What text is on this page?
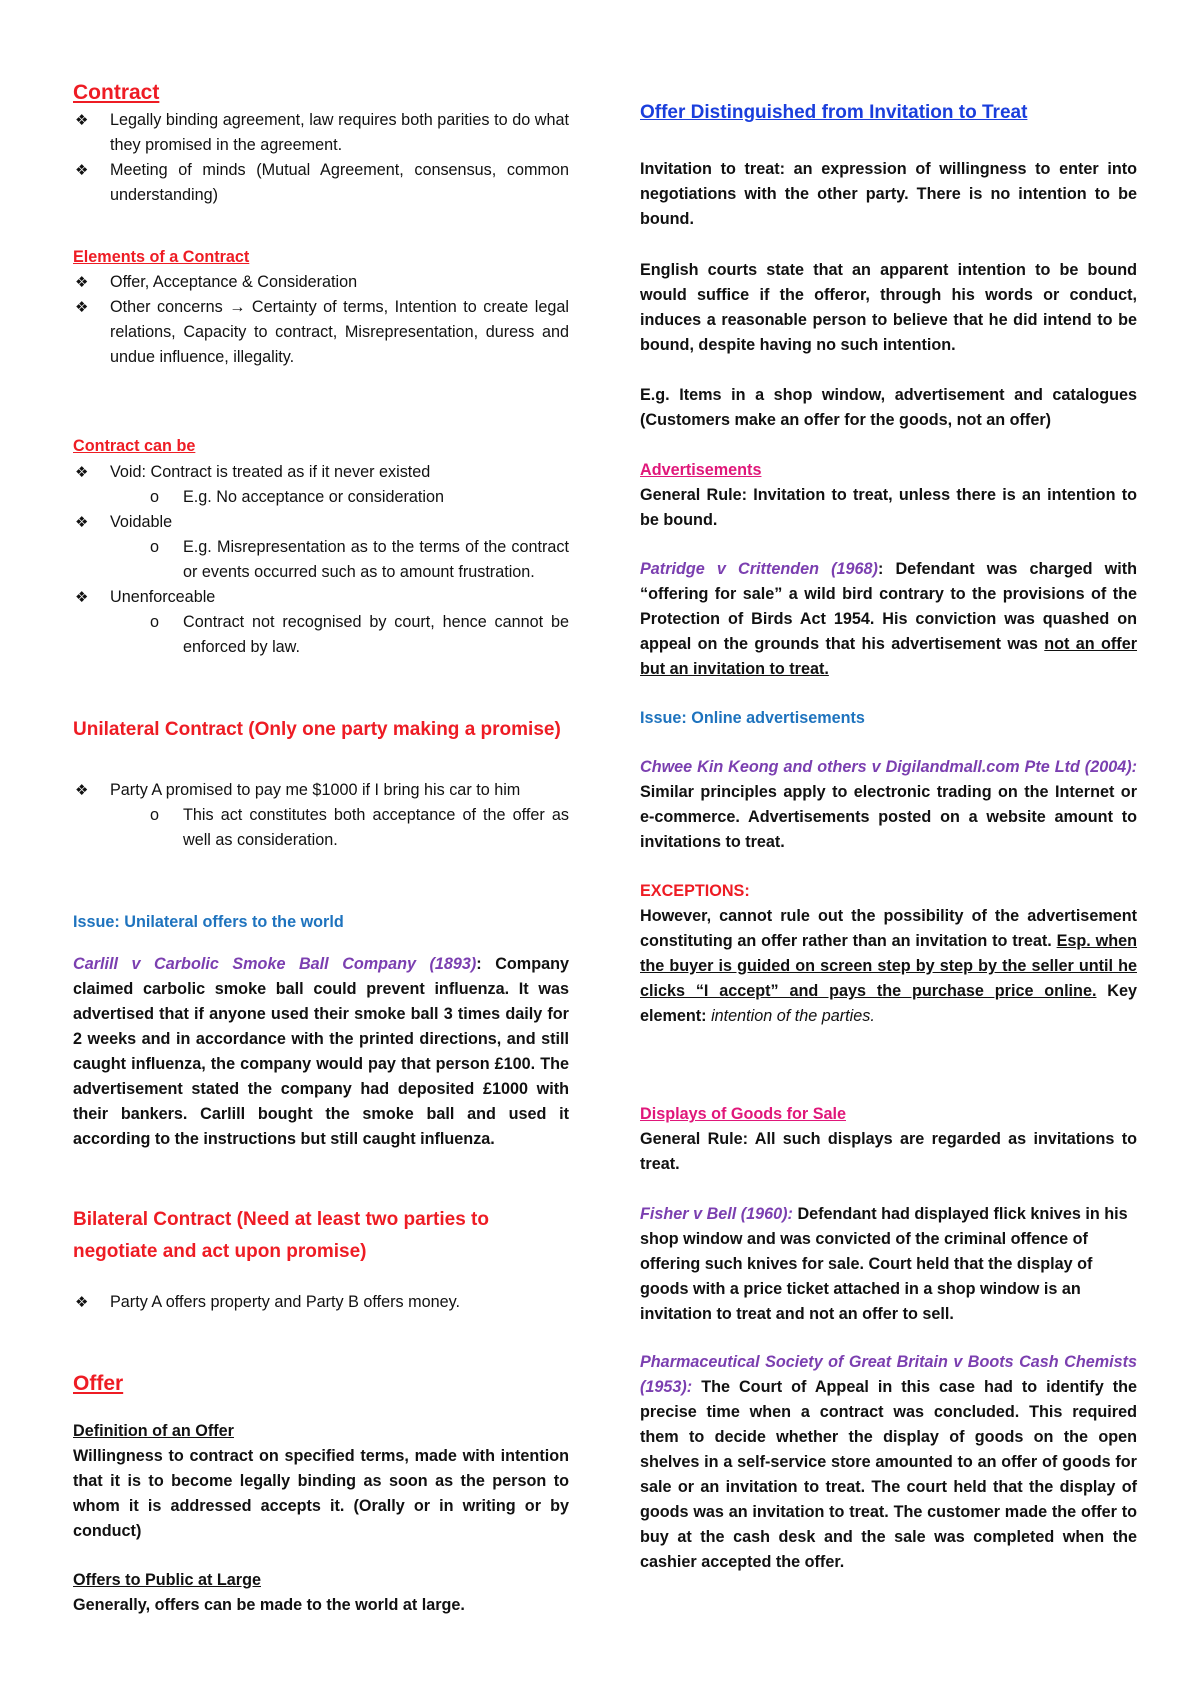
Contract

❖ Legally binding agreement, law requires both parities to do what they promised in the agreement.

❖ Meeting of minds (Mutual Agreement, consensus, common understanding)

Elements of a Contract

❖ Offer, Acceptance & Consideration

❖ Other concerns → Certainty of terms, Intention to create legal relations, Capacity to contract, Misrepresentation, duress and undue influence, illegality.

Contract can be

❖ Void: Contract is treated as if it never existed

o E.g. No acceptance or consideration

❖ Voidable

o E.g. Misrepresentation as to the terms of the contract or events occurred such as to amount frustration.

❖ Unenforceable

o Contract not recognised by court, hence cannot be enforced by law.

Unilateral Contract (Only one party making a promise)

❖ Party A promised to pay me $1000 if I bring his car to him

o This act constitutes both acceptance of the offer as well as consideration.

Issue: Unilateral offers to the world

Carlill v Carbolic Smoke Ball Company (1893): Company claimed carbolic smoke ball could prevent influenza. It was advertised that if anyone used their smoke ball 3 times daily for 2 weeks and in accordance with the printed directions, and still caught influenza, the company would pay that person £100. The advertisement stated the company had deposited £1000 with their bankers. Carlill bought the smoke ball and used it according to the instructions but still caught influenza.

Bilateral Contract (Need at least two parties to negotiate and act upon promise)

❖ Party A offers property and Party B offers money.

Offer

Definition of an Offer

Willingness to contract on specified terms, made with intention that it is to become legally binding as soon as the person to whom it is addressed accepts it. (Orally or in writing or by conduct)

Offers to Public at Large

Generally, offers can be made to the world at large.

Offer Distinguished from Invitation to Treat

Invitation to treat: an expression of willingness to enter into negotiations with the other party. There is no intention to be bound.

English courts state that an apparent intention to be bound would suffice if the offeror, through his words or conduct, induces a reasonable person to believe that he did intend to be bound, despite having no such intention.

E.g. Items in a shop window, advertisement and catalogues (Customers make an offer for the goods, not an offer)

Advertisements

General Rule: Invitation to treat, unless there is an intention to be bound.

Patridge v Crittenden (1968): Defendant was charged with “offering for sale” a wild bird contrary to the provisions of the Protection of Birds Act 1954. His conviction was quashed on appeal on the grounds that his advertisement was not an offer but an invitation to treat.

Issue: Online advertisements

Chwee Kin Keong and others v Digilandmall.com Pte Ltd (2004): Similar principles apply to electronic trading on the Internet or e-commerce. Advertisements posted on a website amount to invitations to treat.

EXCEPTIONS:

However, cannot rule out the possibility of the advertisement constituting an offer rather than an invitation to treat. Esp. when the buyer is guided on screen step by step by the seller until he clicks “I accept” and pays the purchase price online. Key element: intention of the parties.

Displays of Goods for Sale

General Rule: All such displays are regarded as invitations to treat.

Fisher v Bell (1960): Defendant had displayed flick knives in his shop window and was convicted of the criminal offence of offering such knives for sale. Court held that the display of goods with a price ticket attached in a shop window is an invitation to treat and not an offer to sell.

Pharmaceutical Society of Great Britain v Boots Cash Chemists (1953): The Court of Appeal in this case had to identify the precise time when a contract was concluded. This required them to decide whether the display of goods on the open shelves in a self-service store amounted to an offer of goods for sale or an invitation to treat. The court held that the display of goods was an invitation to treat. The customer made the offer to buy at the cash desk and the sale was completed when the cashier accepted the offer.
